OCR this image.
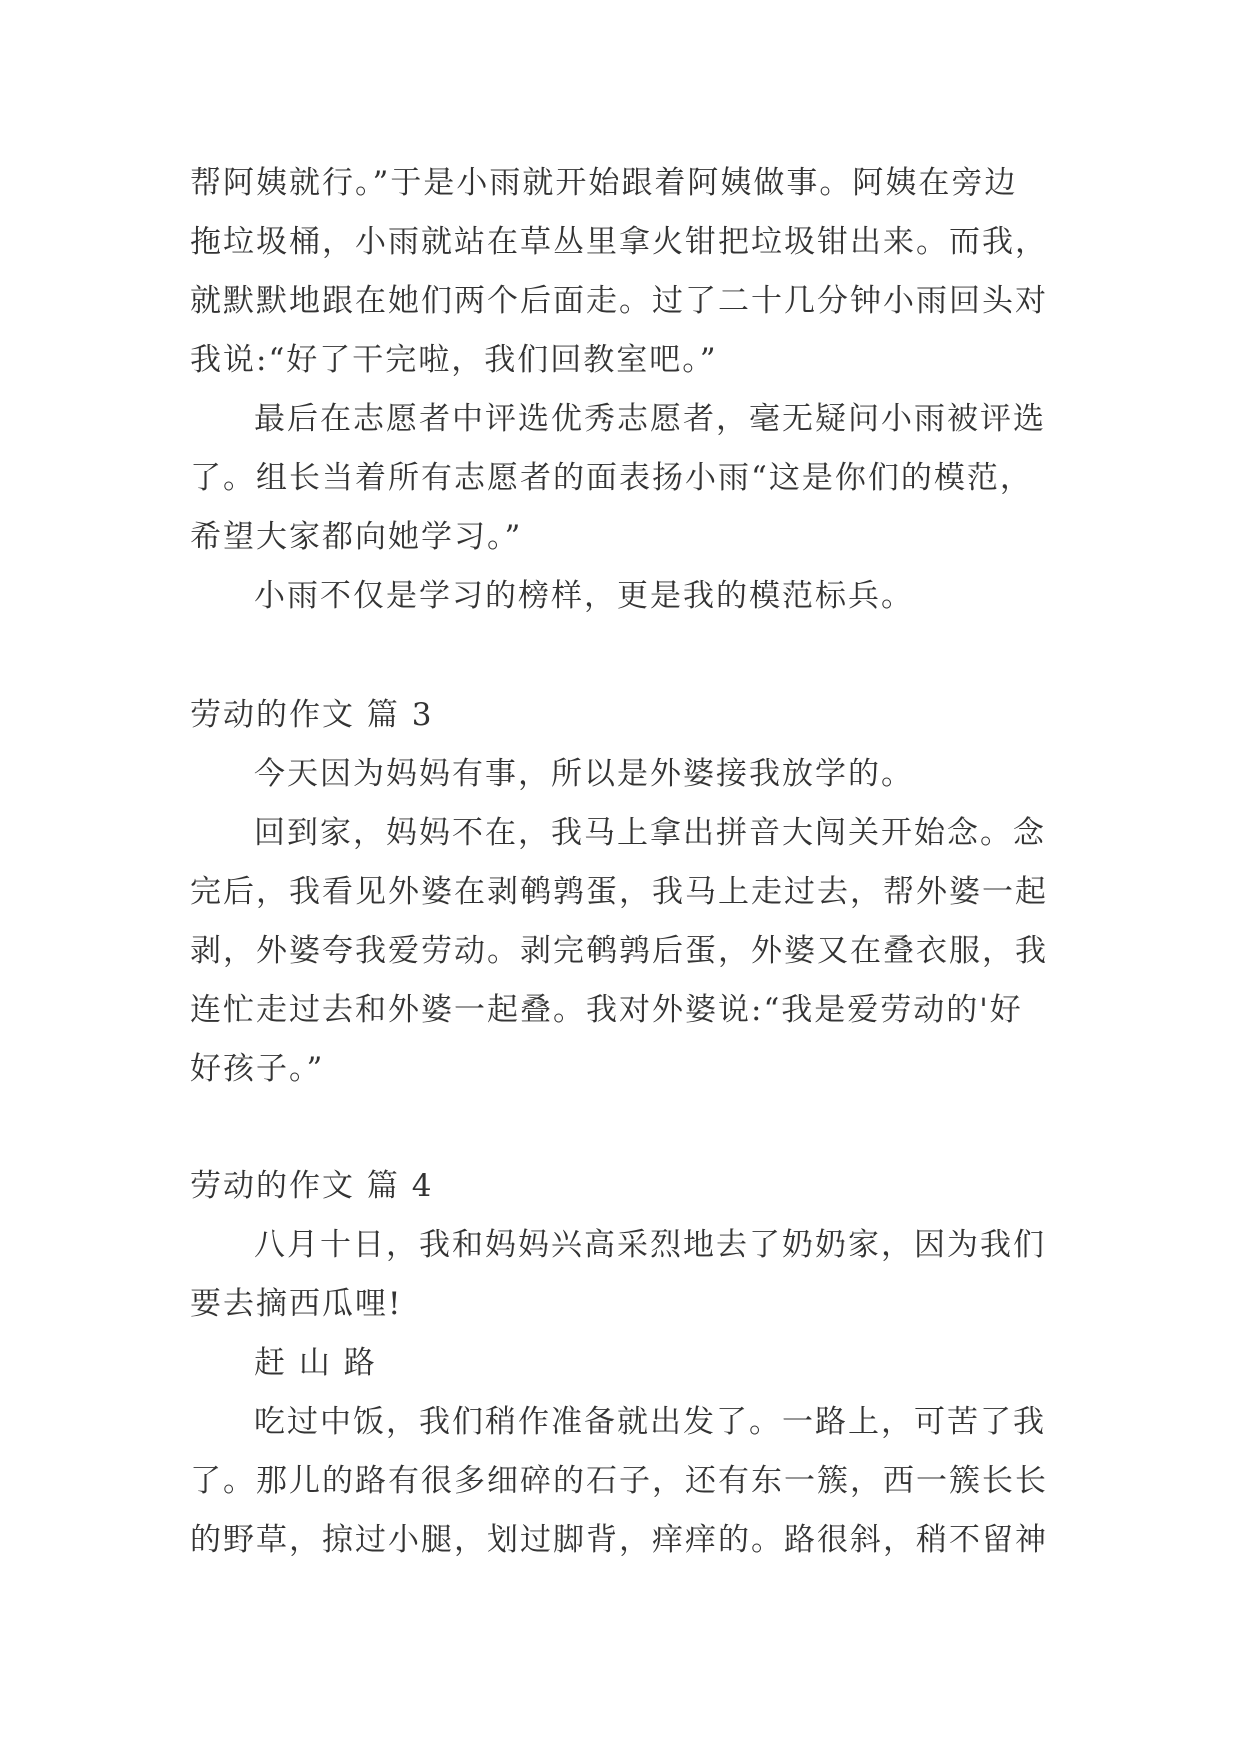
帮阿姨就行。”于是小雨就开始跟着阿姨做事。阿姨在旁边
拖垃圾桶，小雨就站在草丛里拿火钳把垃圾钳出来。而我，
就默默地跟在她们两个后面走。过了二十几分钟小雨回头对
我说:“好了干完啦，我们回教室吧。”
最后在志愿者中评选优秀志愿者，毫无疑问小雨被评选
了。组长当着所有志愿者的面表扬小雨“这是你们的模范，
希望大家都向她学习。”
小雨不仅是学习的榜样，更是我的模范标兵。
劳动的作文 篇 3
今天因为妈妈有事，所以是外婆接我放学的。
回到家，妈妈不在，我马上拿出拼音大闯关开始念。念
完后，我看见外婆在剥鹌鹑蛋，我马上走过去，帮外婆一起
剥，外婆夸我爱劳动。剥完鹌鹑后蛋，外婆又在叠衣服，我
连忙走过去和外婆一起叠。我对外婆说:“我是爱劳动的'好
好孩子。”
劳动的作文 篇 4
八月十日，我和妈妈兴高采烈地去了奶奶家，因为我们
要去摘西瓜哩!
赶 山 路
吃过中饭，我们稍作准备就出发了。一路上，可苦了我
了。那儿的路有很多细碎的石子，还有东一簇，西一簇长长
的野草，掠过小腿，划过脚背，痒痒的。路很斜，稍不留神
